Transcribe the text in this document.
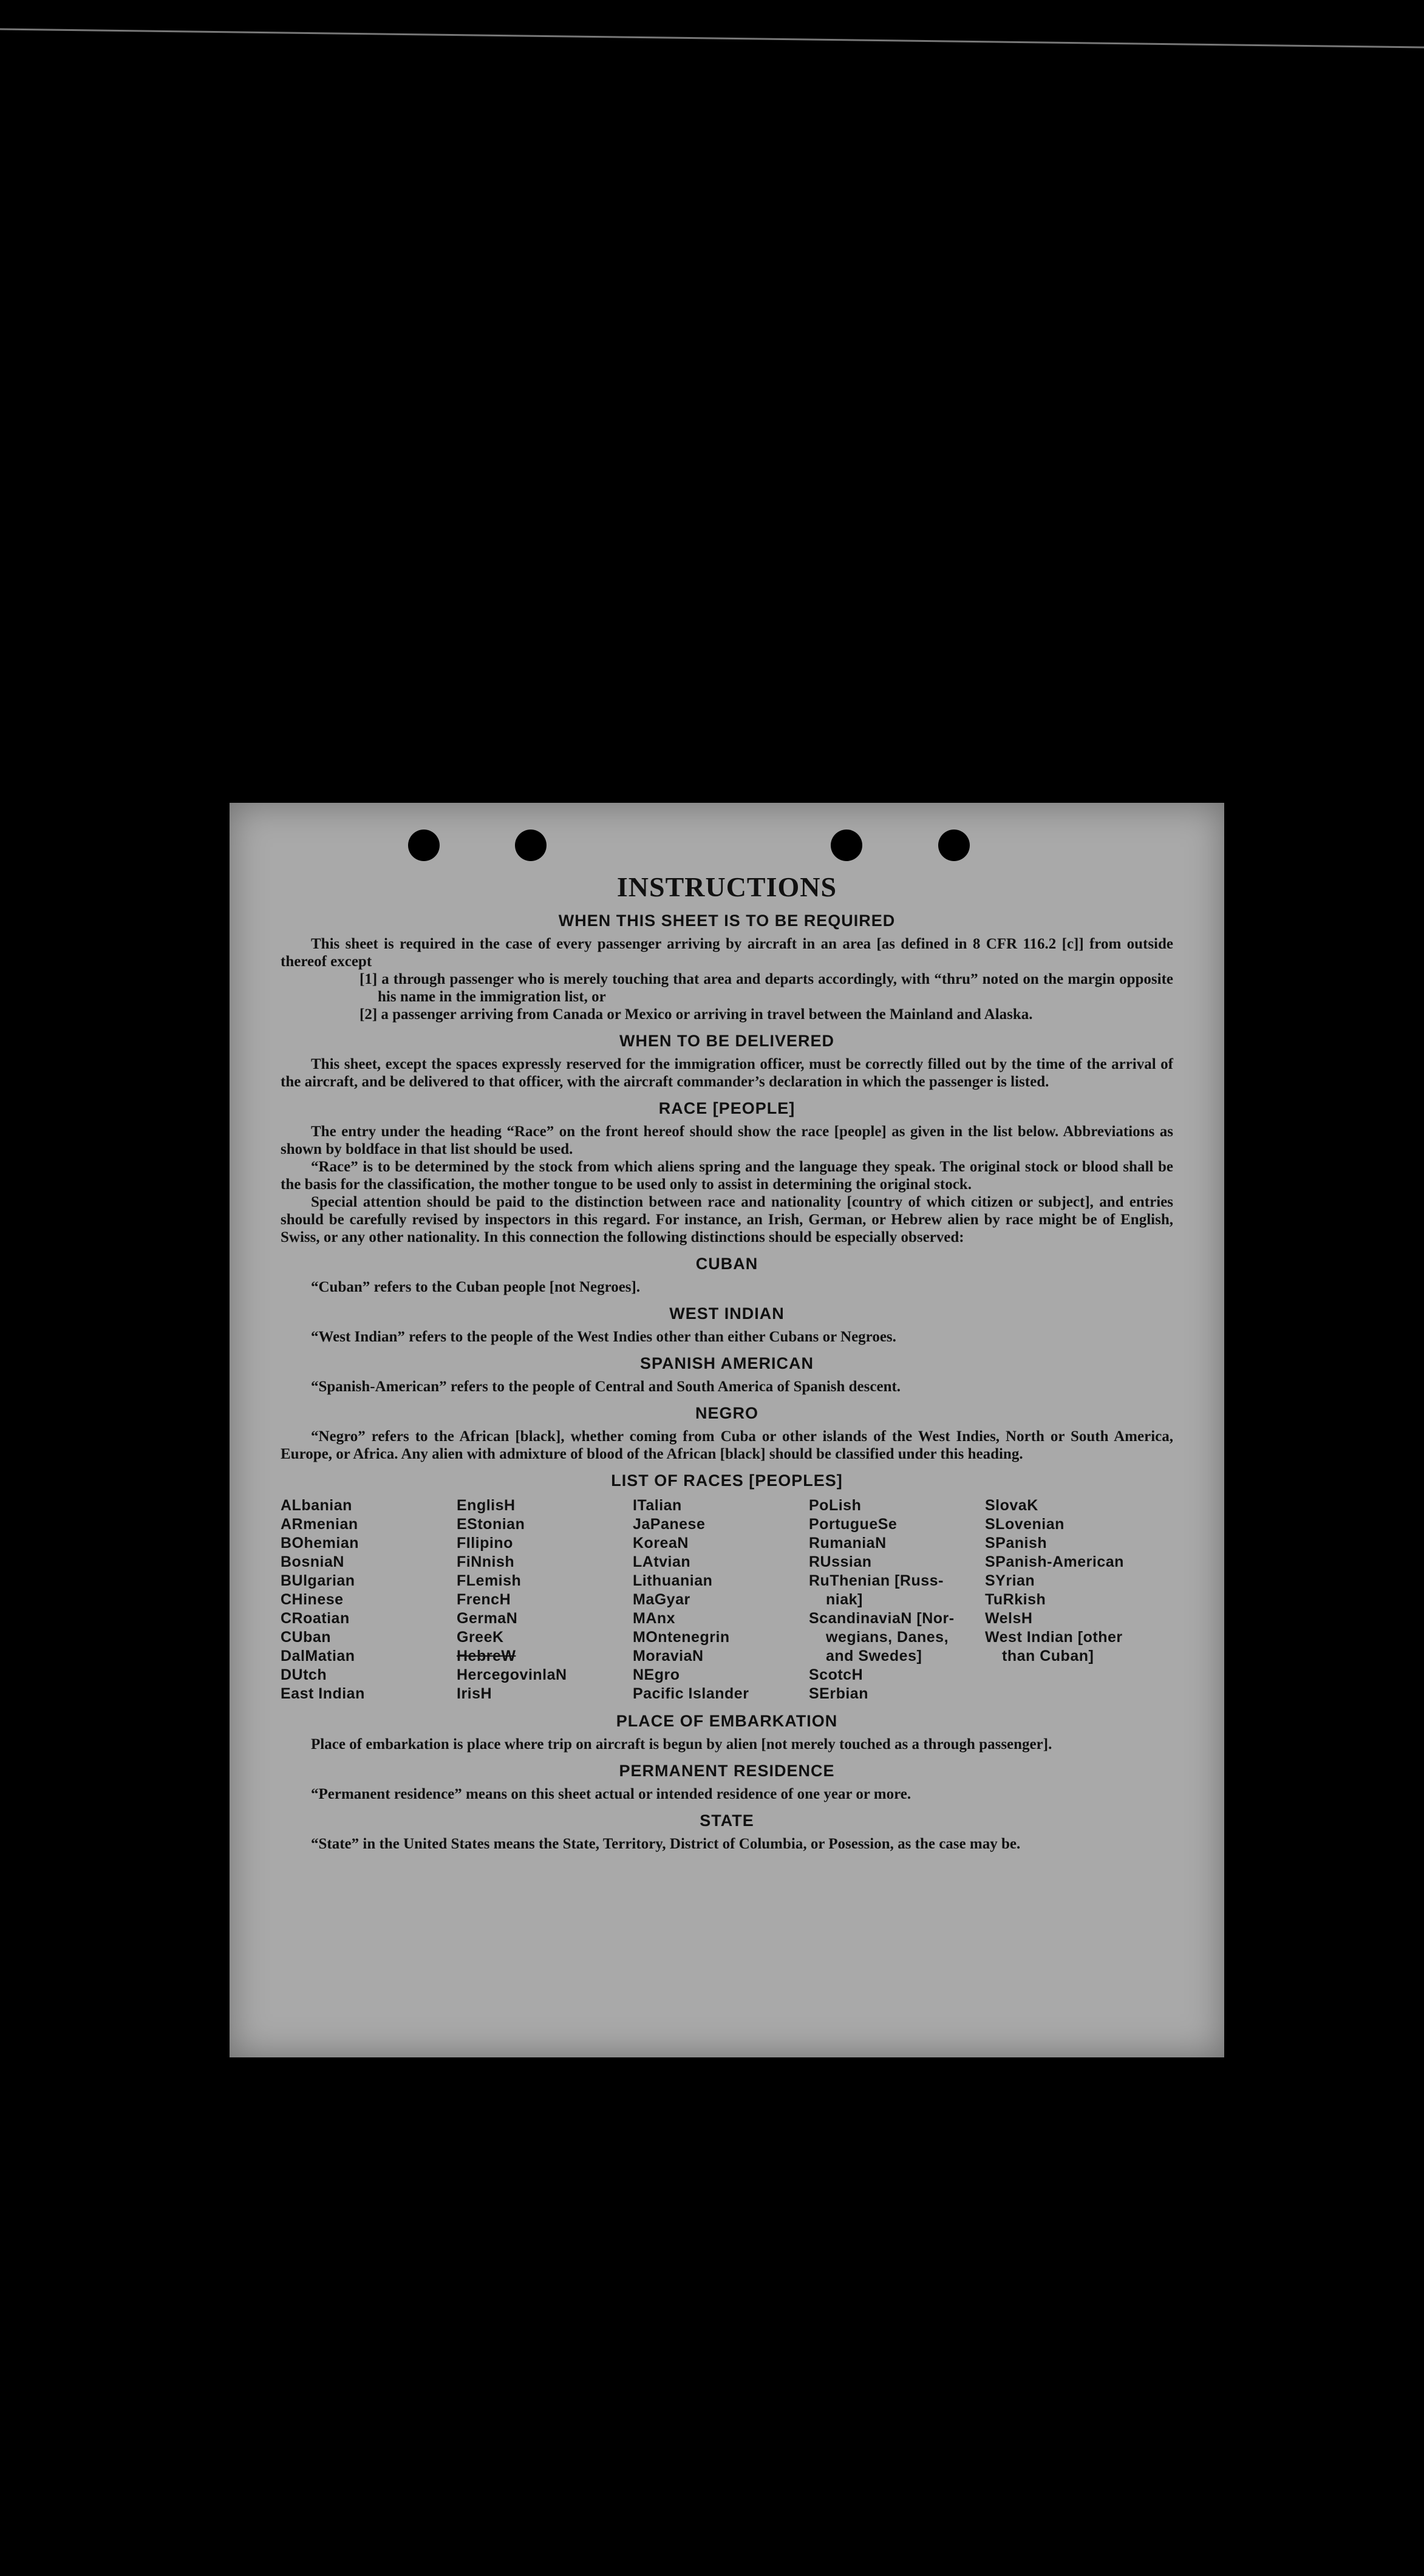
INSTRUCTIONS
WHEN THIS SHEET IS TO BE REQUIRED

This sheet is required in the case of every passenger arriving by aircraft in an area [as defined in 8 CFR 116.2 [c]] from outside thereof except

[1] a through passenger who is merely touching that area and departs accordingly, with “thru” noted on the margin opposite his name in the immigration list, or

[2] a passenger arriving from Canada or Mexico or arriving in travel between the Mainland and Alaska.

WHEN TO BE DELIVERED

This sheet, except the spaces expressly reserved for the immigration officer, must be correctly filled out by the time of the arrival of the aircraft, and be delivered to that officer, with the aircraft commander’s declaration in which the passenger is listed.

RACE [PEOPLE]

The entry under the heading “Race” on the front hereof should show the race [people] as given in the list below. Abbreviations as shown by boldface in that list should be used.

“Race” is to be determined by the stock from which aliens spring and the language they speak. The original stock or blood shall be the basis for the classification, the mother tongue to be used only to assist in determining the original stock.

Special attention should be paid to the distinction between race and nationality [country of which citizen or subject], and entries should be carefully revised by inspectors in this regard. For instance, an Irish, German, or Hebrew alien by race might be of English, Swiss, or any other nationality. In this connection the following distinctions should be especially observed:

CUBAN

“Cuban” refers to the Cuban people [not Negroes].

WEST INDIAN

“West Indian” refers to the people of the West Indies other than either Cubans or Negroes.

SPANISH AMERICAN

“Spanish-American” refers to the people of Central and South America of Spanish descent.

NEGRO

“Negro” refers to the African [black], whether coming from Cuba or other islands of the West Indies, North or South America, Europe, or Africa. Any alien with admixture of blood of the African [black] should be classified under this heading.

LIST OF RACES [PEOPLES]
ALbanian
ARmenian
BOhemian
BosniaN
BUlgarian
CHinese
CRoatian
CUban
DalMatian
DUtch
East Indian
EnglisH
EStonian
FIlipino
FiNnish
FLemish
FrencH
GermaN
GreeK
HebreW
HercegovinlaN
IrisH
ITalian
JaPanese
KoreaN
LAtvian
Lithuanian
MaGyar
MAnx
MOntenegrin
MoraviaN
NEgro
Pacific Islander
PoLish
PortugueSe
RumaniaN
RUssian
RuThenian [Russ-
niak]
ScandinaviaN [Nor-
wegians, Danes,
and Swedes]
ScotcH
SErbian
SlovaK
SLovenian
SPanish
SPanish-American
SYrian
TuRkish
WelsH
West Indian [other
than Cuban]
PLACE OF EMBARKATION

Place of embarkation is place where trip on aircraft is begun by alien [not merely touched as a through passenger].

PERMANENT RESIDENCE

“Permanent residence” means on this sheet actual or intended residence of one year or more.

STATE

“State” in the United States means the State, Territory, District of Columbia, or Posession, as the case may be.
